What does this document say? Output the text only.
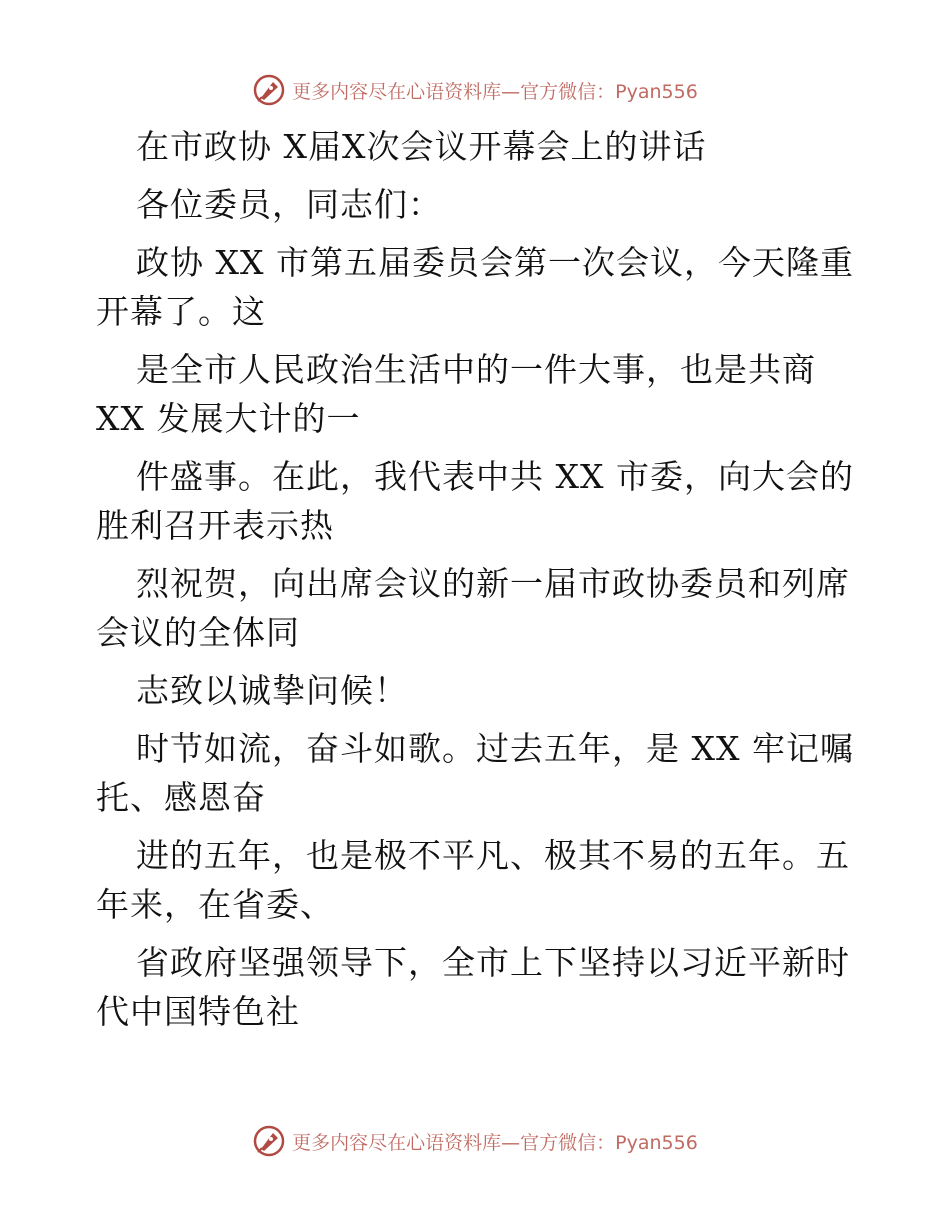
更多内容尽在心语资料库—官方微信：Pyan556

在市政协 X届X次会议开幕会上的讲话

各位委员，同志们：

政协 XX 市第五届委员会第一次会议，今天隆重

开幕了。这

是全市人民政治生活中的一件大事，也是共商

XX 发展大计的一

件盛事。在此，我代表中共 XX 市委，向大会的

胜利召开表示热

烈祝贺，向出席会议的新一届市政协委员和列席

会议的全体同

志致以诚挚问候！

时节如流，奋斗如歌。过去五年，是 XX 牢记嘱

托、感恩奋

进的五年，也是极不平凡、极其不易的五年。五

年来，在省委、

省政府坚强领导下，全市上下坚持以习近平新时

代中国特色社

更多内容尽在心语资料库—官方微信：Pyan556
